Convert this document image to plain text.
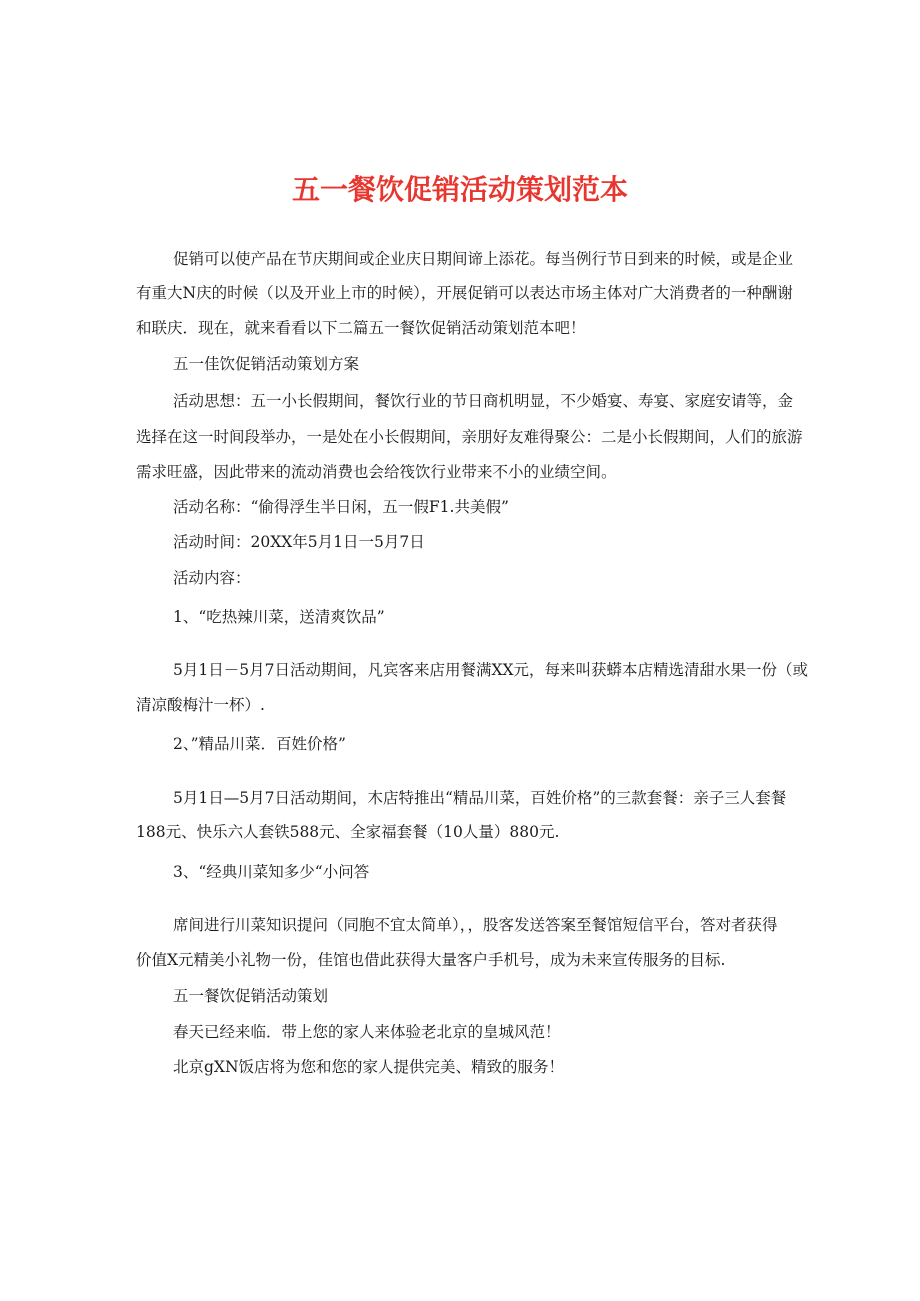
五一餐饮促销活动策划范本
促销可以使产品在节庆期间或企业庆日期间谛上添花。每当例行节日到来的时候，或是企业
有重大N庆的时候（以及开业上市的时候），开展促销可以表达市场主体对广大消费者的一种酬谢
和联庆．现在，就来看看以下二篇五一餐饮促销活动策划范本吧！
五一佳饮促销活动策划方案
活动思想：五一小长假期间，餐饮行业的节日商机明显，不少婚宴、寿宴、家庭安请等，金
选择在这一时间段举办，一是处在小长假期间，亲朋好友难得聚公：二是小长假期间，人们的旅游
需求旺盛，因此带来的流动消费也会给筏饮行业带来不小的业绩空间。
活动名称：“偷得浮生半日闲，五一假F1.共美假”
活动时间：20XX年5月1日一5月7日
活动内容：
1、“吃热辣川菜，送清爽饮品”
5月1日－5月7日活动期间，凡宾客来店用餐满XX元，每来叫获蟒本店精选清甜水果一份（或
清凉酸梅汁一杯）.
2、”精品川菜．百姓价格”
5月1日—5月7日活动期间，木店特推出“精品川菜，百姓价格”的三款套餐：亲子三人套餐
188元、快乐六人套铁588元、全家福套餐（10人量）880元.
3、“经典川菜知多少“小问答
席间进行川菜知识提问（同胞不宜太简单），，股客发送答案至餐馆短信平台，答对者获得
价值X元精美小礼物一份，佳馆也借此获得大量客户手机号，成为未来宣传服务的目标.
五一餐饮促销活动策划
春天已经来临．带上您的家人来体验老北京的皇城风范！
北京gXN饭店将为您和您的家人提供完美、精致的服务！
